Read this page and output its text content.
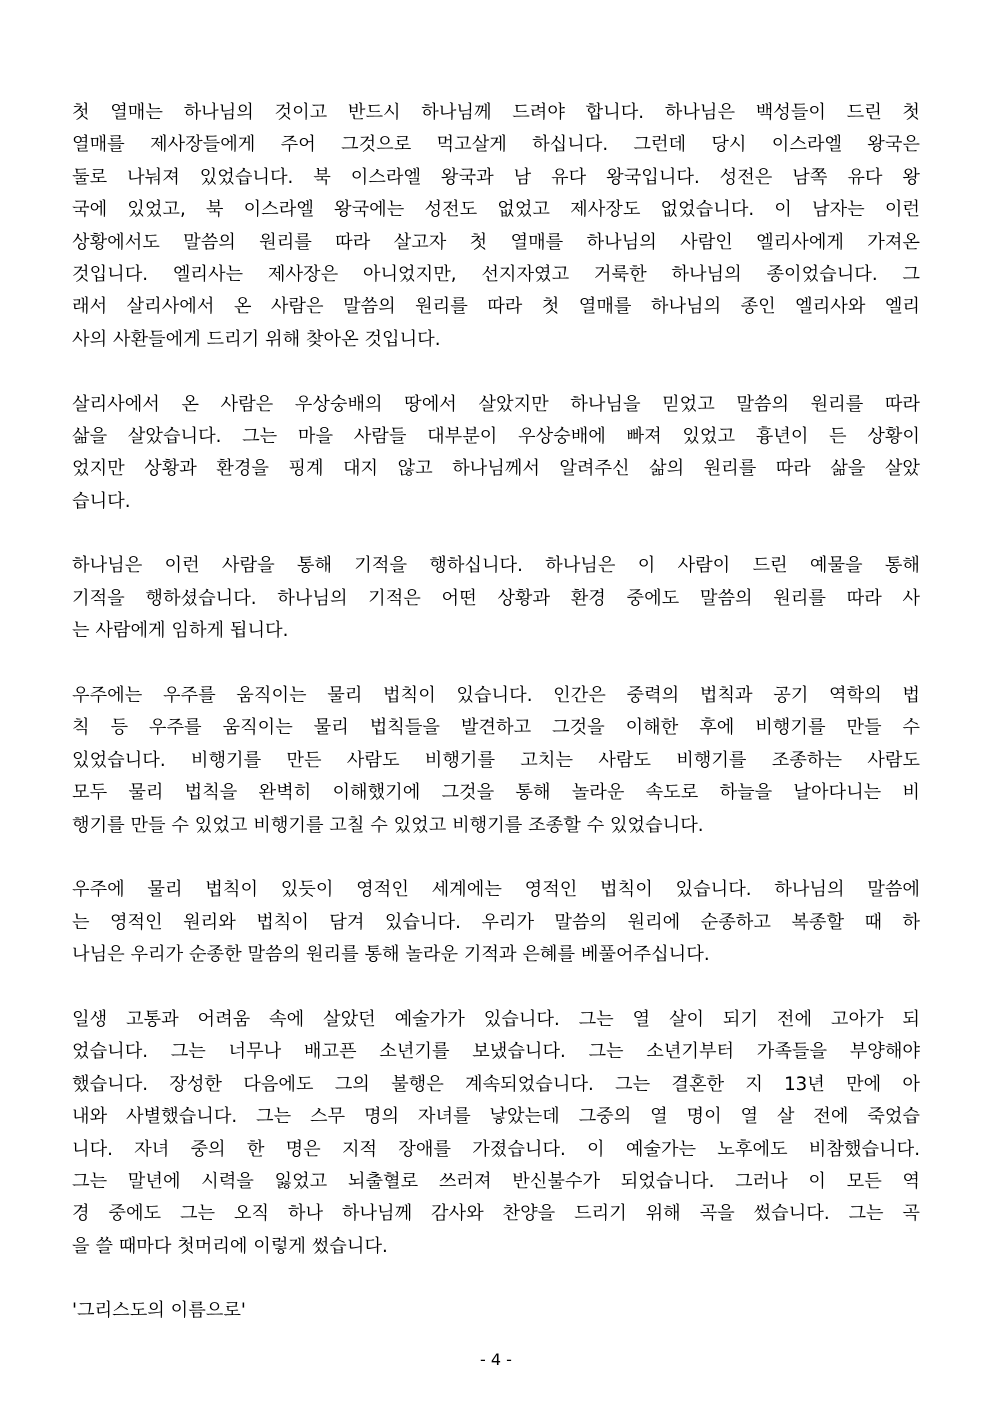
첫 열매는 하나님의 것이고 반드시 하나님께 드려야 합니다. 하나님은 백성들이 드린 첫
열매를 제사장들에게 주어 그것으로 먹고살게 하십니다. 그런데 당시 이스라엘 왕국은
둘로 나눠져 있었습니다. 북 이스라엘 왕국과 남 유다 왕국입니다. 성전은 남쪽 유다 왕
국에 있었고, 북 이스라엘 왕국에는 성전도 없었고 제사장도 없었습니다. 이 남자는 이런
상황에서도 말씀의 원리를 따라 살고자 첫 열매를 하나님의 사람인 엘리사에게 가져온
것입니다. 엘리사는 제사장은 아니었지만, 선지자였고 거룩한 하나님의 종이었습니다. 그
래서 살리사에서 온 사람은 말씀의 원리를 따라 첫 열매를 하나님의 종인 엘리사와 엘리
사의 사환들에게 드리기 위해 찾아온 것입니다.
살리사에서 온 사람은 우상숭배의 땅에서 살았지만 하나님을 믿었고 말씀의 원리를 따라
삶을 살았습니다. 그는 마을 사람들 대부분이 우상숭배에 빠져 있었고 흉년이 든 상황이
었지만 상황과 환경을 핑계 대지 않고 하나님께서 알려주신 삶의 원리를 따라 삶을 살았
습니다.
하나님은 이런 사람을 통해 기적을 행하십니다. 하나님은 이 사람이 드린 예물을 통해
기적을 행하셨습니다. 하나님의 기적은 어떤 상황과 환경 중에도 말씀의 원리를 따라 사
는 사람에게 임하게 됩니다.
우주에는 우주를 움직이는 물리 법칙이 있습니다. 인간은 중력의 법칙과 공기 역학의 법
칙 등 우주를 움직이는 물리 법칙들을 발견하고 그것을 이해한 후에 비행기를 만들 수
있었습니다. 비행기를 만든 사람도 비행기를 고치는 사람도 비행기를 조종하는 사람도
모두 물리 법칙을 완벽히 이해했기에 그것을 통해 놀라운 속도로 하늘을 날아다니는 비
행기를 만들 수 있었고 비행기를 고칠 수 있었고 비행기를 조종할 수 있었습니다.
우주에 물리 법칙이 있듯이 영적인 세계에는 영적인 법칙이 있습니다. 하나님의 말씀에
는 영적인 원리와 법칙이 담겨 있습니다. 우리가 말씀의 원리에 순종하고 복종할 때 하
나님은 우리가 순종한 말씀의 원리를 통해 놀라운 기적과 은혜를 베풀어주십니다.
일생 고통과 어려움 속에 살았던 예술가가 있습니다. 그는 열 살이 되기 전에 고아가 되
었습니다. 그는 너무나 배고픈 소년기를 보냈습니다. 그는 소년기부터 가족들을 부양해야
했습니다. 장성한 다음에도 그의 불행은 계속되었습니다. 그는 결혼한 지 13년 만에 아
내와 사별했습니다. 그는 스무 명의 자녀를 낳았는데 그중의 열 명이 열 살 전에 죽었습
니다. 자녀 중의 한 명은 지적 장애를 가졌습니다. 이 예술가는 노후에도 비참했습니다.
그는 말년에 시력을 잃었고 뇌출혈로 쓰러져 반신불수가 되었습니다. 그러나 이 모든 역
경 중에도 그는 오직 하나 하나님께 감사와 찬양을 드리기 위해 곡을 썼습니다. 그는 곡
을 쓸 때마다 첫머리에 이렇게 썼습니다.
'그리스도의 이름으로'
- 4 -
